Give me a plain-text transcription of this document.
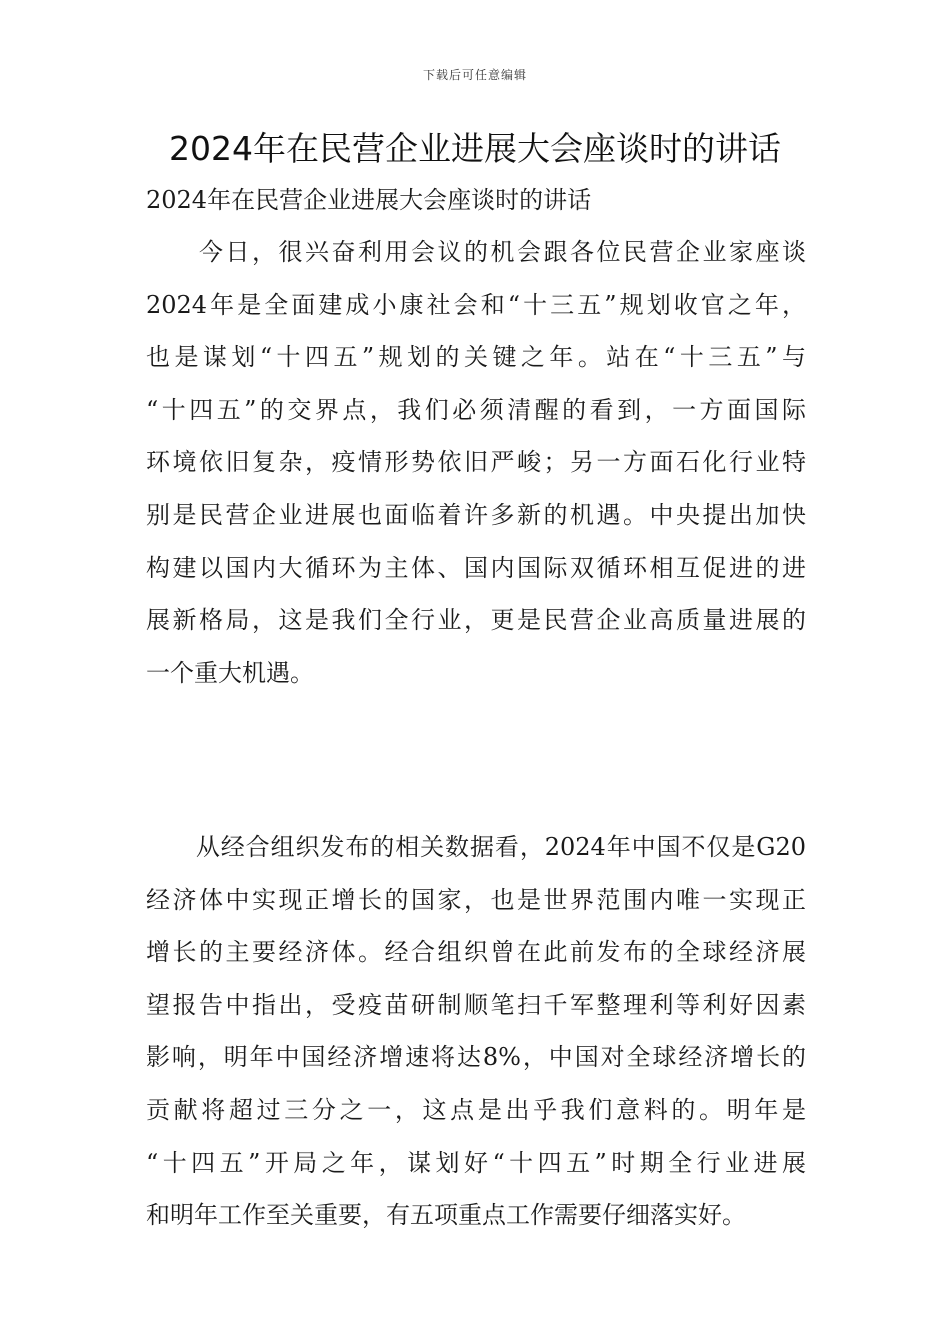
下载后可任意编辑
2024年在民营企业进展大会座谈时的讲话
2024年在民营企业进展大会座谈时的讲话
　　今日，很兴奋利用会议的机会跟各位民营企业家座谈
2024年是全面建成小康社会和“十三五”规划收官之年，
也是谋划“十四五”规划的关键之年。站在“十三五”与
“十四五”的交界点，我们必须清醒的看到，一方面国际
环境依旧复杂，疫情形势依旧严峻；另一方面石化行业特
别是民营企业进展也面临着许多新的机遇。中央提出加快
构建以国内大循环为主体、国内国际双循环相互促进的进
展新格局，这是我们全行业，更是民营企业高质量进展的
一个重大机遇。
　　从经合组织发布的相关数据看，2024年中国不仅是G20
经济体中实现正增长的国家，也是世界范围内唯一实现正
增长的主要经济体。经合组织曾在此前发布的全球经济展
望报告中指出，受疫苗研制顺笔扫千军整理利等利好因素
影响，明年中国经济增速将达8%，中国对全球经济增长的
贡献将超过三分之一，这点是出乎我们意料的。明年是
“十四五”开局之年，谋划好“十四五”时期全行业进展
和明年工作至关重要，有五项重点工作需要仔细落实好。
